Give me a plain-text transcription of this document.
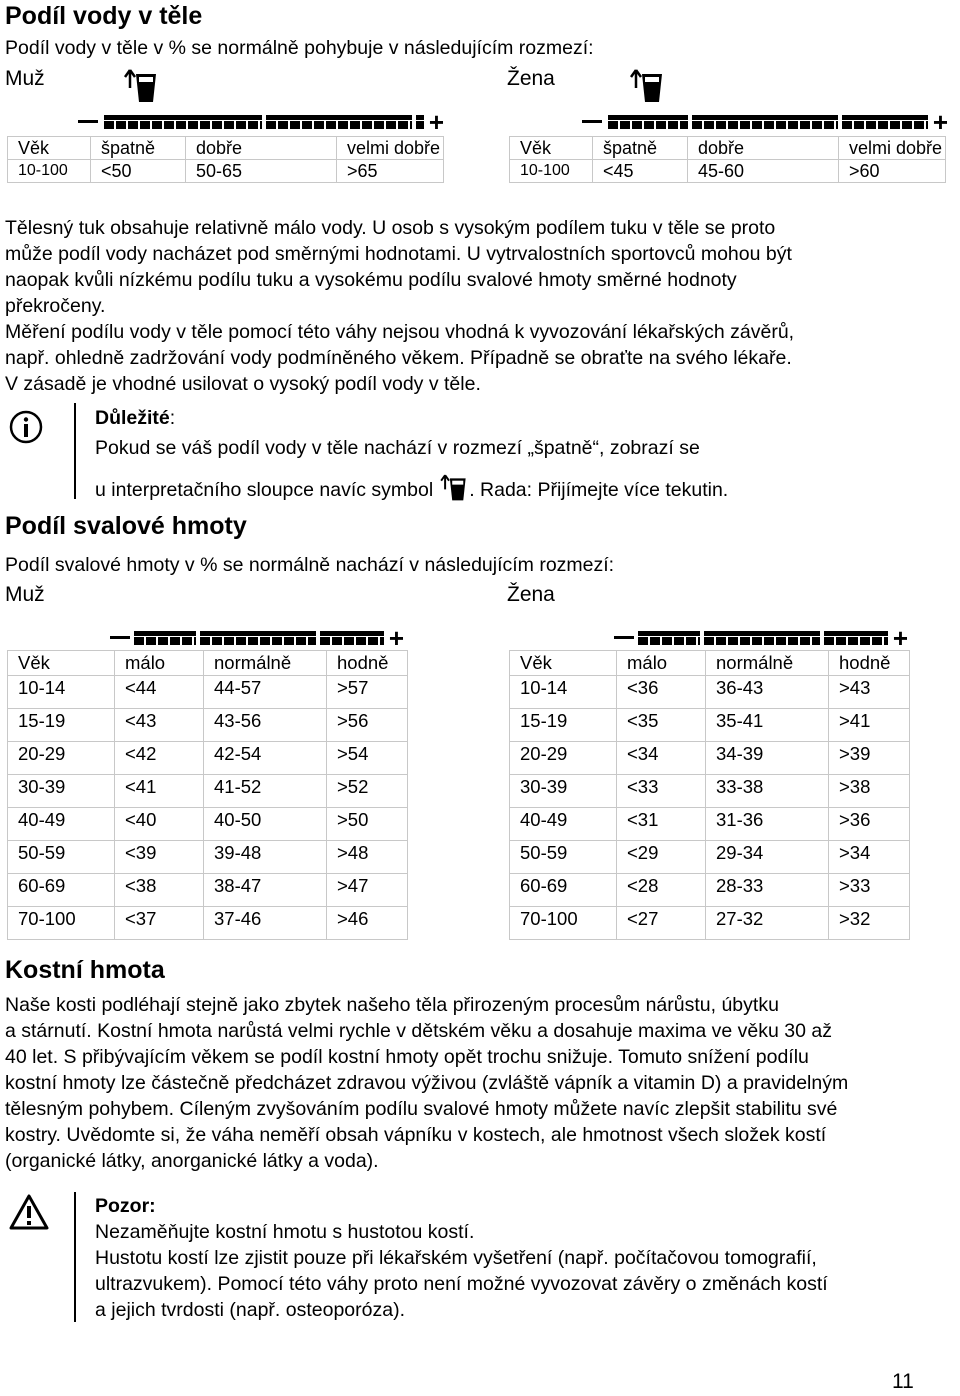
Podíl vody v těle
Podíl vody v těle v % se normálně pohybuje v následujícím rozmezí:
Muž	Žena
+	+
Věk	špatně	dobře	velmi dobře
10-100	<50	50-65	>65
Věk	špatně	dobře	velmi dobře
10-100	<45	45-60	>60
Tělesný tuk obsahuje relativně málo vody. U osob s vysokým podílem tuku v těle se proto
může podíl vody nacházet pod směrnými hodnotami. U vytrvalostních sportovců mohou být
naopak kvůli nízkému podílu tuku a vysokému podílu svalové hmoty směrné hodnoty
překročeny.
Měření podílu vody v těle pomocí této váhy nejsou vhodná k vyvozování lékařských závěrů,
např. ohledně zadržování vody podmíněného věkem. Případně se obraťte na svého lékaře.
V zásadě je vhodné usilovat o vysoký podíl vody v těle.
Důležité:
Pokud se váš podíl vody v těle nachází v rozmezí „špatně“, zobrazí se
u interpretačního sloupce navíc symbol . Rada: Přijímejte více tekutin.
Podíl svalové hmoty
Podíl svalové hmoty v % se normálně nachází v následujícím rozmezí:
Muž	Žena
+	+
Věk	málo	normálně	hodně
10-14	<44	44-57	>57
15-19	<43	43-56	>56
20-29	<42	42-54	>54
30-39	<41	41-52	>52
40-49	<40	40-50	>50
50-59	<39	39-48	>48
60-69	<38	38-47	>47
70-100	<37	37-46	>46
Věk	málo	normálně	hodně
10-14	<36	36-43	>43
15-19	<35	35-41	>41
20-29	<34	34-39	>39
30-39	<33	33-38	>38
40-49	<31	31-36	>36
50-59	<29	29-34	>34
60-69	<28	28-33	>33
70-100	<27	27-32	>32
Kostní hmota
Naše kosti podléhají stejně jako zbytek našeho těla přirozeným procesům nárůstu, úbytku
a stárnutí. Kostní hmota narůstá velmi rychle v dětském věku a dosahuje maxima ve věku 30 až
40 let. S přibývajícím věkem se podíl kostní hmoty opět trochu snižuje. Tomuto snížení podílu
kostní hmoty lze částečně předcházet zdravou výživou (zvláště vápník a vitamin D) a pravidelným
tělesným pohybem. Cíleným zvyšováním podílu svalové hmoty můžete navíc zlepšit stabilitu své
kostry. Uvědomte si, že váha neměří obsah vápníku v kostech, ale hmotnost všech složek kostí
(organické látky, anorganické látky a voda).
Pozor:
Nezaměňujte kostní hmotu s hustotou kostí.
Hustotu kostí lze zjistit pouze při lékařském vyšetření (např. počítačovou tomografií,
ultrazvukem). Pomocí této váhy proto není možné vyvozovat závěry o změnách kostí
a jejich tvrdosti (např. osteoporóza).
11
